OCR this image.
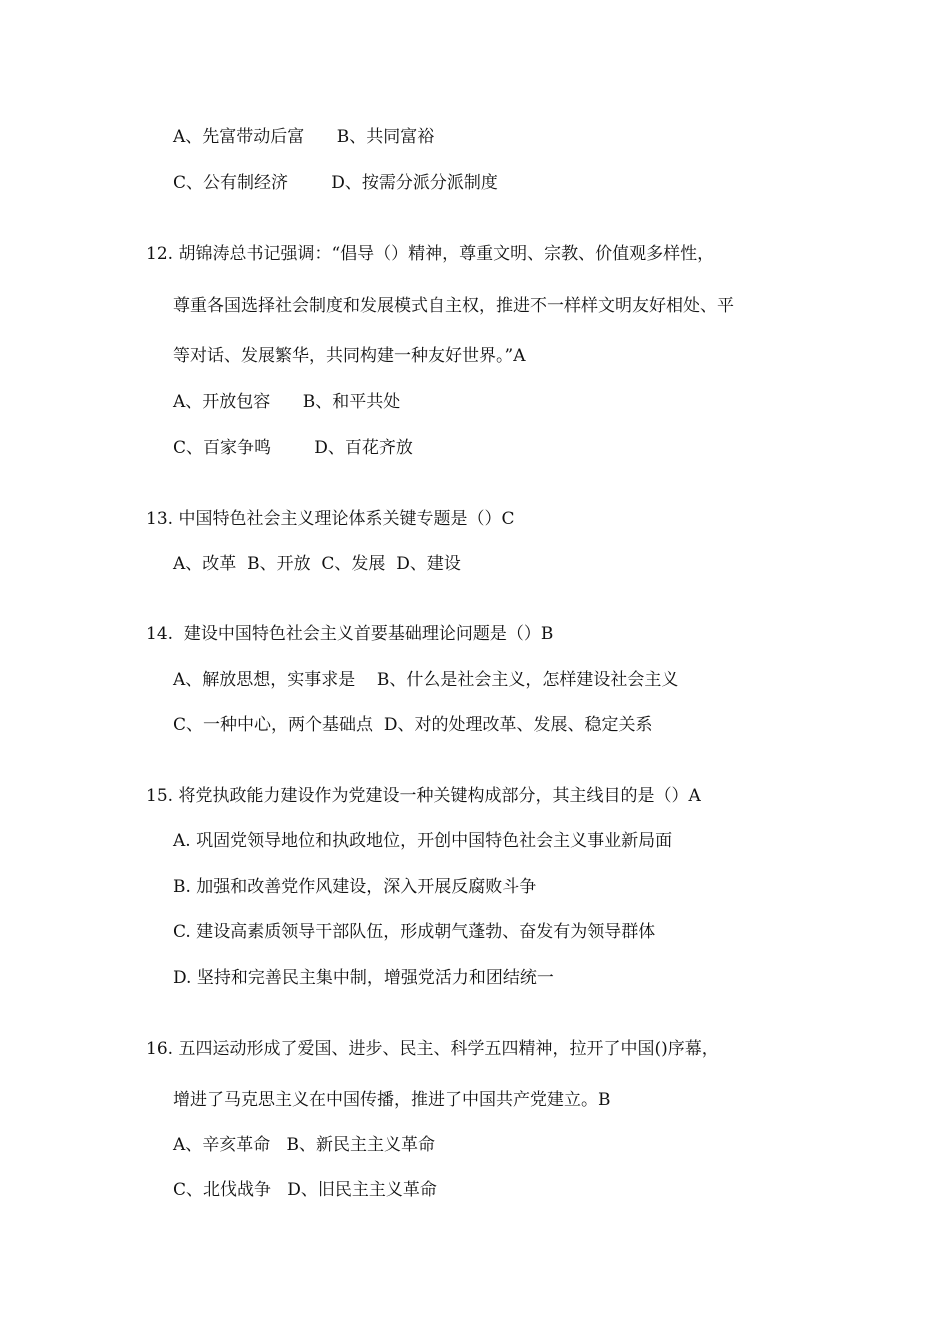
A、先富带动后富      B、共同富裕
C、公有制经济        D、按需分派分派制度
12. 胡锦涛总书记强调：“倡导（）精神，尊重文明、宗教、价值观多样性，
尊重各国选择社会制度和发展模式自主权，推进不一样样文明友好相处、平
等对话、发展繁华，共同构建一种友好世界。”A
A、开放包容      B、和平共处
C、百家争鸣        D、百花齐放
13. 中国特色社会主义理论体系关键专题是（）C
A、改革  B、开放  C、发展  D、建设
14.  建设中国特色社会主义首要基础理论问题是（）B
A、解放思想，实事求是    B、什么是社会主义，怎样建设社会主义
C、一种中心，两个基础点  D、对的处理改革、发展、稳定关系
15. 将党执政能力建设作为党建设一种关键构成部分，其主线目的是（）A
A. 巩固党领导地位和执政地位，开创中国特色社会主义事业新局面
B. 加强和改善党作风建设，深入开展反腐败斗争
C. 建设高素质领导干部队伍，形成朝气蓬勃、奋发有为领导群体
D. 坚持和完善民主集中制，增强党活力和团结统一
16. 五四运动形成了爱国、进步、民主、科学五四精神，拉开了中国()序幕，
增进了马克思主义在中国传播，推进了中国共产党建立。B
A、辛亥革命   B、新民主主义革命
C、北伐战争   D、旧民主主义革命
